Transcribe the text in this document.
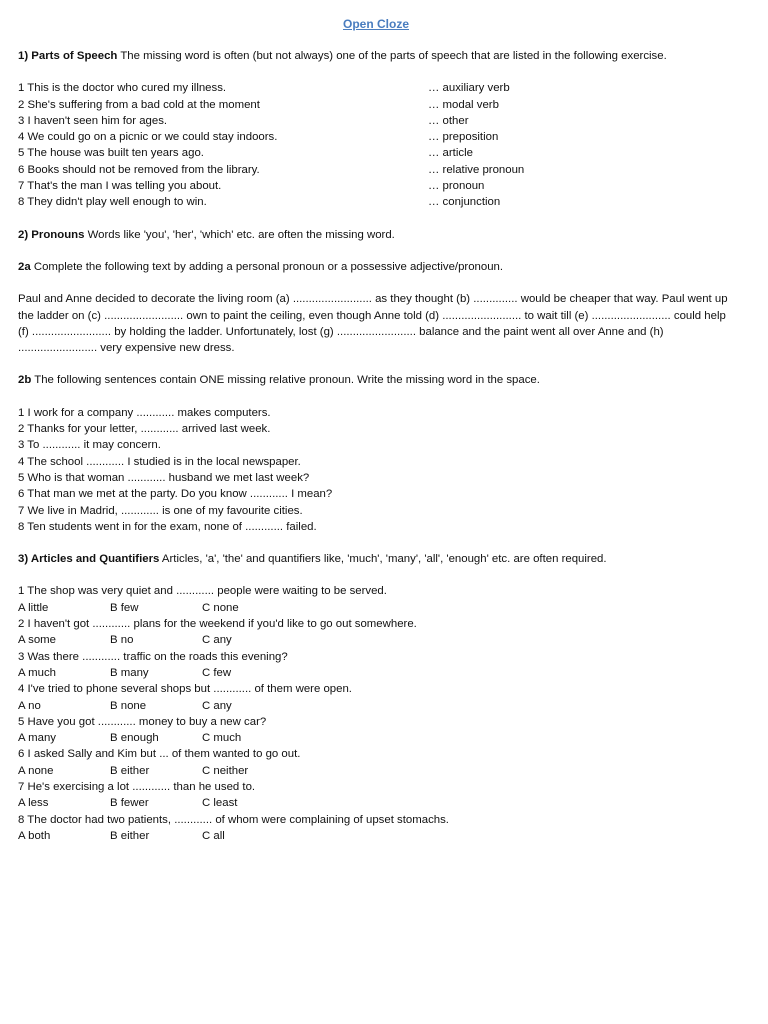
Open Cloze

1) Parts of Speech The missing word is often (but not always) one of the parts of speech that are listed in the following exercise.

1 This is the doctor who cured my illness.	… auxiliary verb
2 She's suffering from a bad cold at the moment	… modal verb
3 I haven't seen him for ages.	… other
4 We could go on a picnic or we could stay indoors.	… preposition
5 The house was built ten years ago.	… article
6 Books should not be removed from the library.	… relative pronoun
7 That's the man I was telling you about.	… pronoun
8 They didn't play well enough to win.	… conjunction

2) Pronouns Words like 'you', 'her', 'which' etc. are often the missing word.

2a Complete the following text by adding a personal pronoun or a possessive adjective/pronoun.

Paul and Anne decided to decorate the living room (a) ......................... as they thought (b) .............. would be cheaper that way. Paul went up the ladder on (c) ......................... own to paint the ceiling, even though Anne told (d) ......................... to wait till (e) ......................... could help (f) ......................... by holding the ladder. Unfortunately, lost (g) ......................... balance and the paint went all over Anne and (h) ......................... very expensive new dress.

2b The following sentences contain ONE missing relative pronoun. Write the missing word in the space.

1 I work for a company ............ makes computers.

2 Thanks for your letter, ............ arrived last week.

3 To ............ it may concern.

4 The school ............ I studied is in the local newspaper.

5 Who is that woman ............ husband we met last week?

6 That man we met at the party. Do you know ............ I mean?

7 We live in Madrid, ............ is one of my favourite cities.

8 Ten students went in for the exam, none of ............ failed.

3) Articles and Quantifiers Articles, 'a', 'the' and quantifiers like, 'much', 'many', 'all', 'enough' etc. are often required.

1 The shop was very quiet and ............ people were waiting to be served.

A little	B few	C none

2 I haven't got ............ plans for the weekend if you'd like to go out somewhere.

A some	B no	C any

3 Was there ............ traffic on the roads this evening?

A much	B many	C few

4 I've tried to phone several shops but ............ of them were open.

A no	B none	C any

5 Have you got ............ money to buy a new car?

A many	B enough	C much

6 I asked Sally and Kim but ... of them wanted to go out.

A none	B either	C neither

7 He's exercising a lot ............ than he used to.

A less	B fewer	C least

8 The doctor had two patients, ............ of whom were complaining of upset stomachs.

A both	B either	C all
